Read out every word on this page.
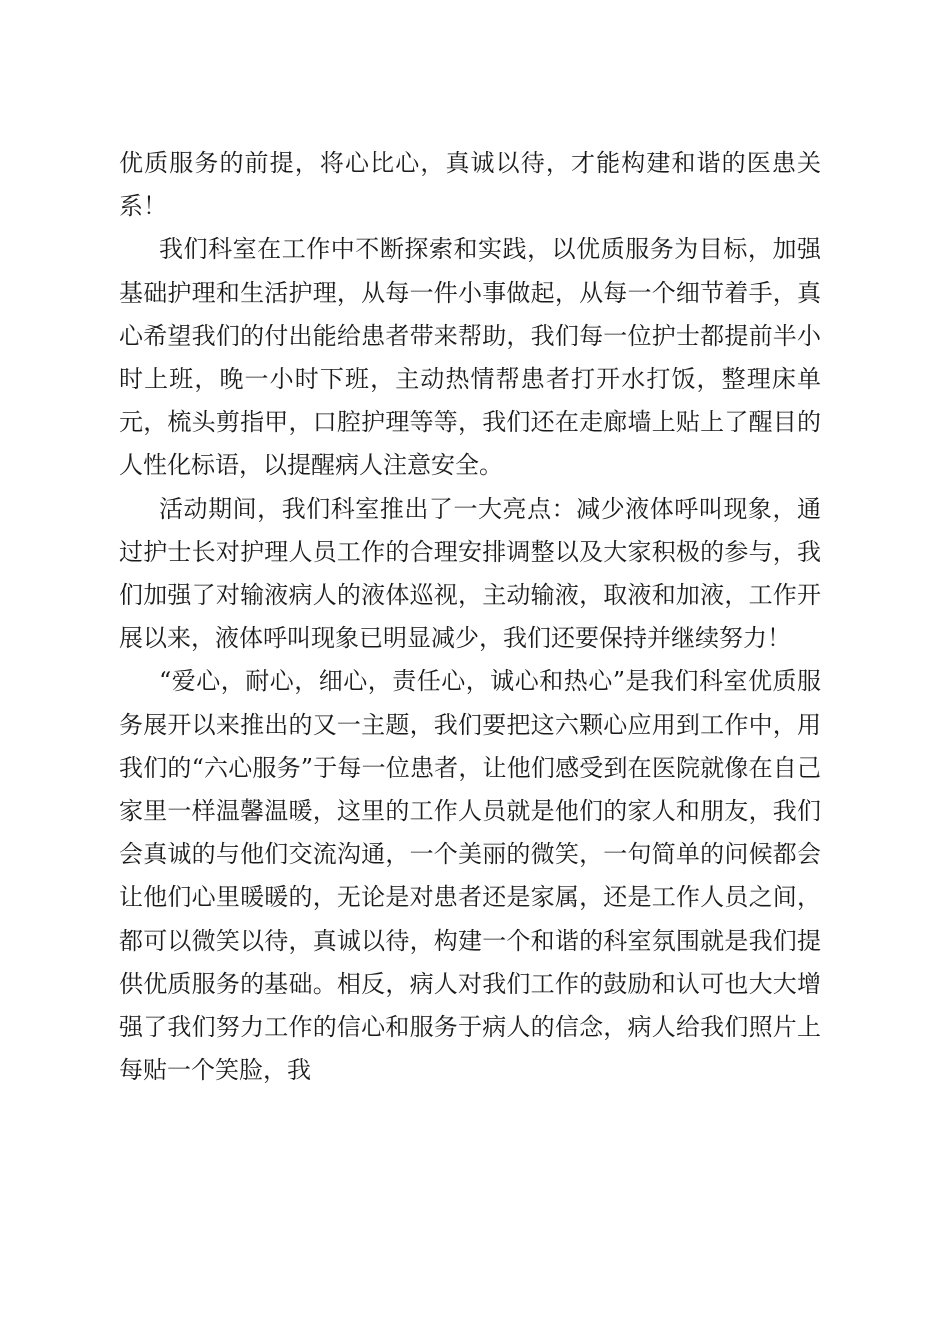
优质服务的前提，将心比心，真诚以待，才能构建和谐的医患关系！

我们科室在工作中不断探索和实践，以优质服务为目标，加强基础护理和生活护理，从每一件小事做起，从每一个细节着手，真心希望我们的付出能给患者带来帮助，我们每一位护士都提前半小时上班，晚一小时下班，主动热情帮患者打开水打饭，整理床单元，梳头剪指甲，口腔护理等等，我们还在走廊墙上贴上了醒目的人性化标语，以提醒病人注意安全。

活动期间，我们科室推出了一大亮点：减少液体呼叫现象，通过护士长对护理人员工作的合理安排调整以及大家积极的参与，我们加强了对输液病人的液体巡视，主动输液，取液和加液，工作开展以来，液体呼叫现象已明显减少，我们还要保持并继续努力！

“爱心，耐心，细心，责任心，诚心和热心”是我们科室优质服务展开以来推出的又一主题，我们要把这六颗心应用到工作中，用我们的“六心服务”于每一位患者，让他们感受到在医院就像在自己家里一样温馨温暖，这里的工作人员就是他们的家人和朋友，我们会真诚的与他们交流沟通，一个美丽的微笑，一句简单的问候都会让他们心里暖暖的，无论是对患者还是家属，还是工作人员之间，都可以微笑以待，真诚以待，构建一个和谐的科室氛围就是我们提供优质服务的基础。相反，病人对我们工作的鼓励和认可也大大增强了我们努力工作的信心和服务于病人的信念，病人给我们照片上每贴一个笑脸，我
